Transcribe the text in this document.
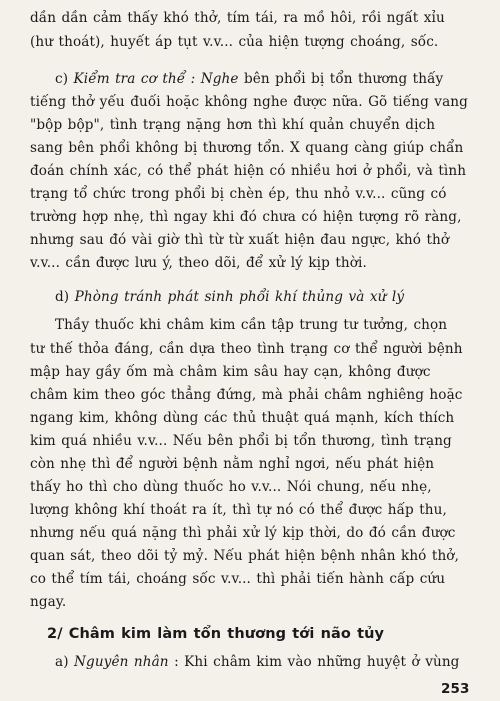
dần dần cảm thấy khó thở, tím tái, ra mồ hôi, rồi ngất xỉu
(hư thoát), huyết áp tụt v.v... của hiện tượng choáng, sốc.
c) Kiểm tra cơ thể : Nghe bên phổi bị tổn thương thấy
tiếng thở yếu đuối hoặc không nghe được nữa. Gõ tiếng vang
"bộp bộp", tình trạng nặng hơn thì khí quản chuyển dịch
sang bên phổi không bị thương tổn. X quang càng giúp chẩn
đoán chính xác, có thể phát hiện có nhiều hơi ở phổi, và tình
trạng tổ chức trong phổi bị chèn ép, thu nhỏ v.v... cũng có
trường hợp nhẹ, thì ngay khi đó chưa có hiện tượng rõ ràng,
nhưng sau đó vài giờ thì từ từ xuất hiện đau ngực, khó thở
v.v... cần được lưu ý, theo dõi, để xử lý kịp thời.
d) Phòng tránh phát sinh phổi khí thủng và xử lý
Thầy thuốc khi châm kim cần tập trung tư tưởng, chọn
tư thế thỏa đáng, cần dựa theo tình trạng cơ thể người bệnh
mập hay gầy ốm mà châm kim sâu hay cạn, không được
châm kim theo góc thẳng đứng, mà phải châm nghiêng hoặc
ngang kim, không dùng các thủ thuật quá mạnh, kích thích
kim quá nhiều v.v... Nếu bên phổi bị tổn thương, tình trạng
còn nhẹ thì để người bệnh nằm nghỉ ngơi, nếu phát hiện
thấy ho thì cho dùng thuốc ho v.v... Nói chung, nếu nhẹ,
lượng không khí thoát ra ít, thì tự nó có thể được hấp thu,
nhưng nếu quá nặng thì phải xử lý kịp thời, do đó cần được
quan sát, theo dõi tỷ mỷ. Nếu phát hiện bệnh nhân khó thở,
co thể tím tái, choáng sốc v.v... thì phải tiến hành cấp cứu
ngay.
2/ Châm kim làm tổn thương tới não tủy
a) Nguyên nhân : Khi châm kim vào những huyệt ở vùng
253
